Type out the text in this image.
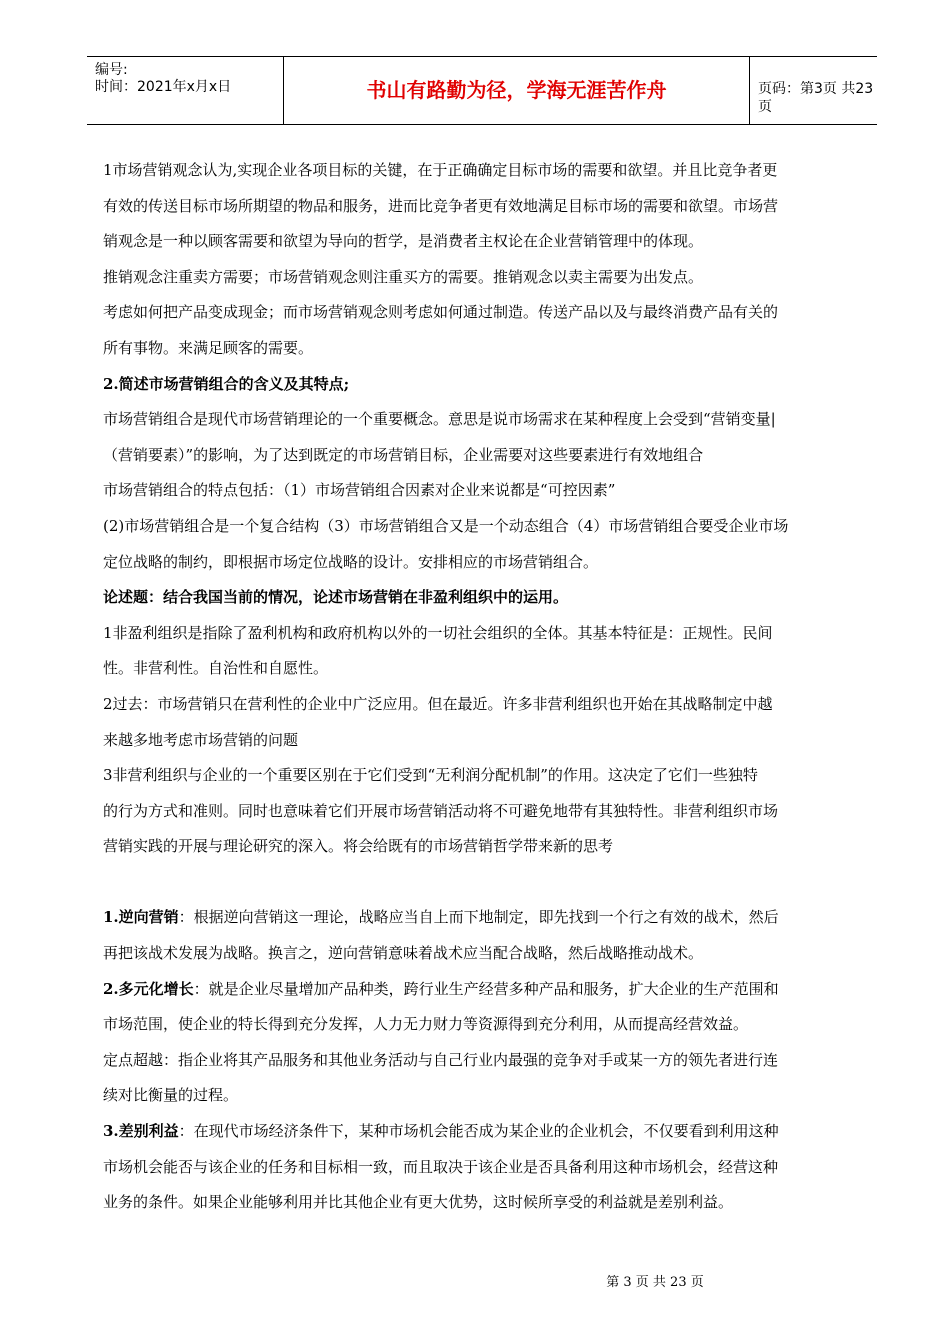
编号:
时间：2021年x月x日	书山有路勤为径，学海无涯苦作舟	页码：第3页 共23页

1市场营销观念认为,实现企业各项目标的关键，在于正确确定目标市场的需要和欲望。并且比竞争者更

有效的传送目标市场所期望的物品和服务，进而比竞争者更有效地满足目标市场的需要和欲望。市场营

销观念是一种以顾客需要和欲望为导向的哲学，是消费者主权论在企业营销管理中的体现。

推销观念注重卖方需要；市场营销观念则注重买方的需要。推销观念以卖主需要为出发点。

考虑如何把产品变成现金；而市场营销观念则考虑如何通过制造。传送产品以及与最终消费产品有关的

所有事物。来满足顾客的需要。

2.简述市场营销组合的含义及其特点;

市场营销组合是现代市场营销理论的一个重要概念。意思是说市场需求在某种程度上会受到“营销变量|

（营销要素）”的影响，为了达到既定的市场营销目标，企业需要对这些要素进行有效地组合

市场营销组合的特点包括：（1）市场营销组合因素对企业来说都是“可控因素”

(2)市场营销组合是一个复合结构（3）市场营销组合又是一个动态组合（4）市场营销组合要受企业市场

定位战略的制约，即根据市场定位战略的设计。安排相应的市场营销组合。

论述题：结合我国当前的情况，论述市场营销在非盈利组织中的运用。

1非盈利组织是指除了盈利机构和政府机构以外的一切社会组织的全体。其基本特征是：正规性。民间

性。非营利性。自治性和自愿性。

2过去：市场营销只在营利性的企业中广泛应用。但在最近。许多非营利组织也开始在其战略制定中越

来越多地考虑市场营销的问题

3非营利组织与企业的一个重要区别在于它们受到“无利润分配机制”的作用。这决定了它们一些独特

的行为方式和准则。同时也意味着它们开展市场营销活动将不可避免地带有其独特性。非营利组织市场

营销实践的开展与理论研究的深入。将会给既有的市场营销哲学带来新的思考

1.逆向营销：根据逆向营销这一理论，战略应当自上而下地制定，即先找到一个行之有效的战术，然后

再把该战术发展为战略。换言之，逆向营销意味着战术应当配合战略，然后战略推动战术。

2.多元化增长：就是企业尽量增加产品种类，跨行业生产经营多种产品和服务，扩大企业的生产范围和

市场范围，使企业的特长得到充分发挥，人力无力财力等资源得到充分利用，从而提高经营效益。

定点超越：指企业将其产品服务和其他业务活动与自己行业内最强的竞争对手或某一方的领先者进行连

续对比衡量的过程。

3.差别利益：在现代市场经济条件下，某种市场机会能否成为某企业的企业机会，不仅要看到利用这种

市场机会能否与该企业的任务和目标相一致，而且取决于该企业是否具备利用这种市场机会，经营这种

业务的条件。如果企业能够利用并比其他企业有更大优势，这时候所享受的利益就是差别利益。

第 3 页 共 23 页
